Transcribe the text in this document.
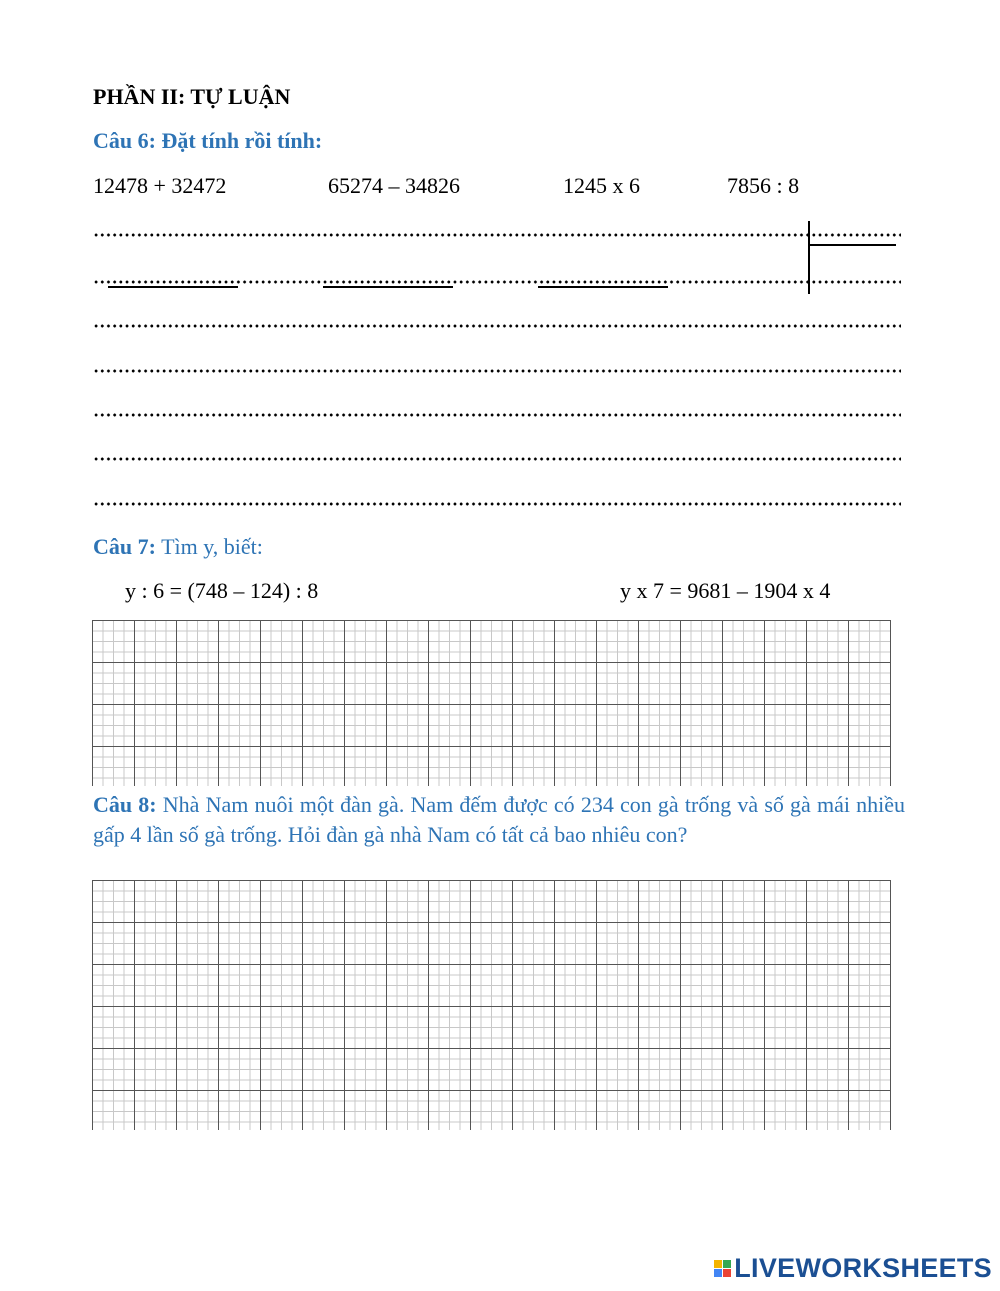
PHẦN II: TỰ LUẬN
Câu 6: Đặt tính rồi tính:
12478 + 32472	65274 – 34826	1245 x 6	7856 : 8
Câu 7: Tìm y, biết:
y : 6 = (748 – 124) : 8	y x 7 = 9681 – 1904 x 4
Câu 8: Nhà Nam nuôi một đàn gà. Nam đếm được có 234 con gà trống và số gà mái nhiều gấp 4 lần số gà trống. Hỏi đàn gà nhà Nam có tất cả bao nhiêu con?
LIVEWORKSHEETS
